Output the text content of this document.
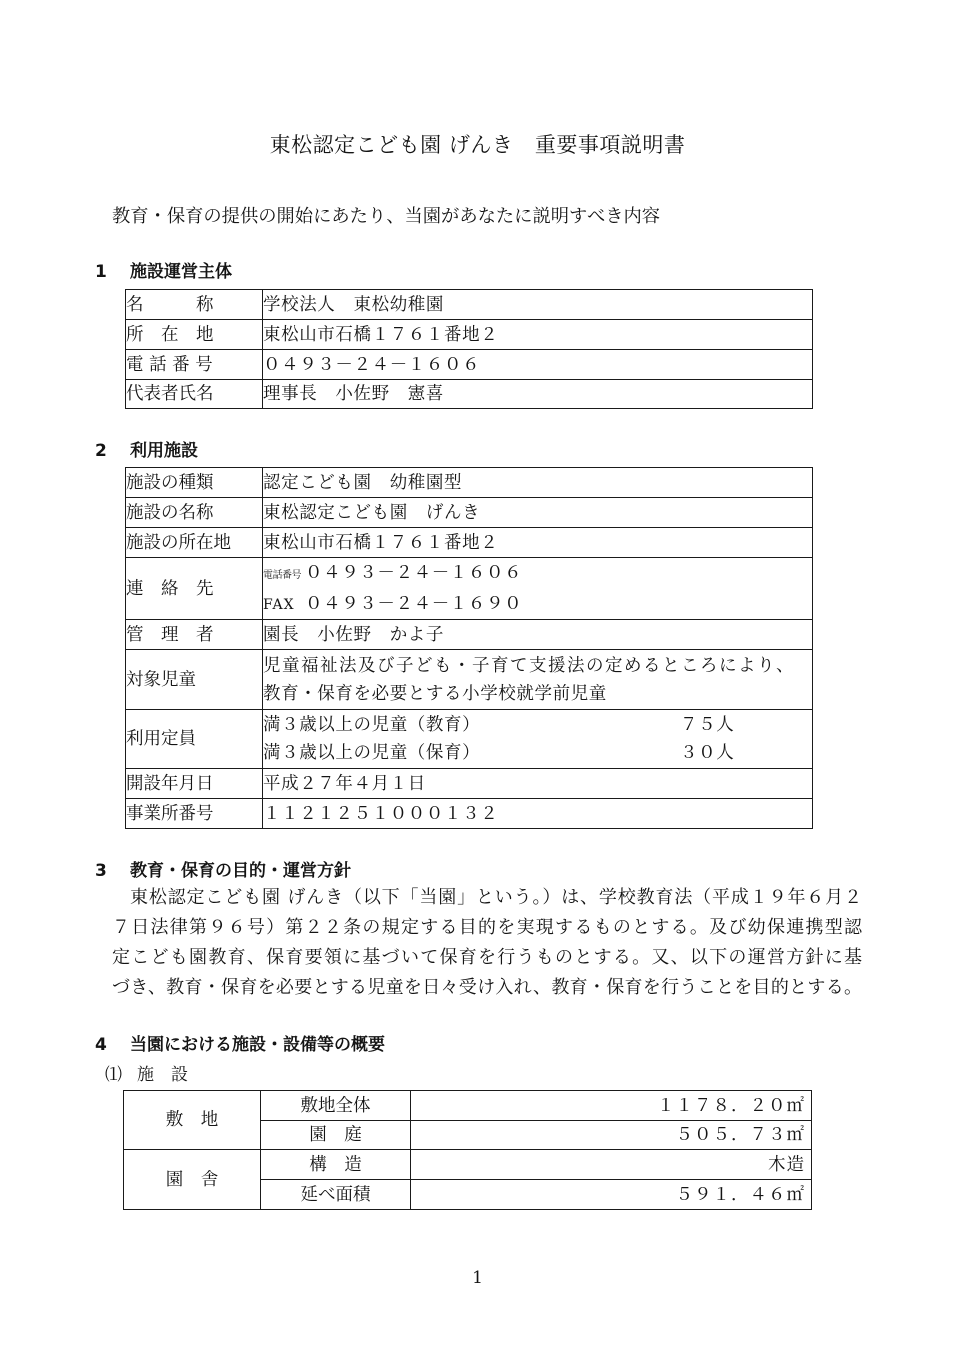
東松認定こども園 げんき　重要事項説明書
教育・保育の提供の開始にあたり、当園があなたに説明すべき内容
1 施設運営主体
名　　　称	学校法人　東松幼稚園
所　在　地	東松山市石橋１７６１番地２
電 話 番 号	０４９３－２４－１６０６
代表者氏名	理事長　小佐野　憲喜
2 利用施設
施設の種類	認定こども園　幼稚園型
施設の名称	東松認定こども園　げんき
施設の所在地	東松山市石橋１７６１番地２
連　絡　先	電話番号 ０４９３－２４－１６０６
FAX ０４９３－２４－１６９０

管　理　者	園長　小佐野　かよ子
対象児童	児童福祉法及び子ども・子育て支援法の定めるところにより、
教育・保育を必要とする小学校就学前児童

利用定員	満３歳以上の児童（教育） ７５人
満３歳以上の児童（保育） ３０人

開設年月日	平成２７年４月１日
事業所番号	１１２１２５１０００１３２
3 教育・保育の目的・運営方針
東松認定こども園 げんき（以下「当園」という。）は、学校教育法（平成１９年６月２
７日法律第９６号）第２２条の規定する目的を実現するものとする。及び幼保連携型認
定こども園教育、保育要領に基づいて保育を行うものとする。又、以下の運営方針に基
づき、教育・保育を必要とする児童を日々受け入れ、教育・保育を行うことを目的とする。
4 当園における施設・設備等の概要
⑴ 施　設
敷　地	敷地全体	１１７８．２０㎡
	園　庭	５０５．７３㎡
園　舎	構　造	木造
	延べ面積	５９１．４６㎡
1
